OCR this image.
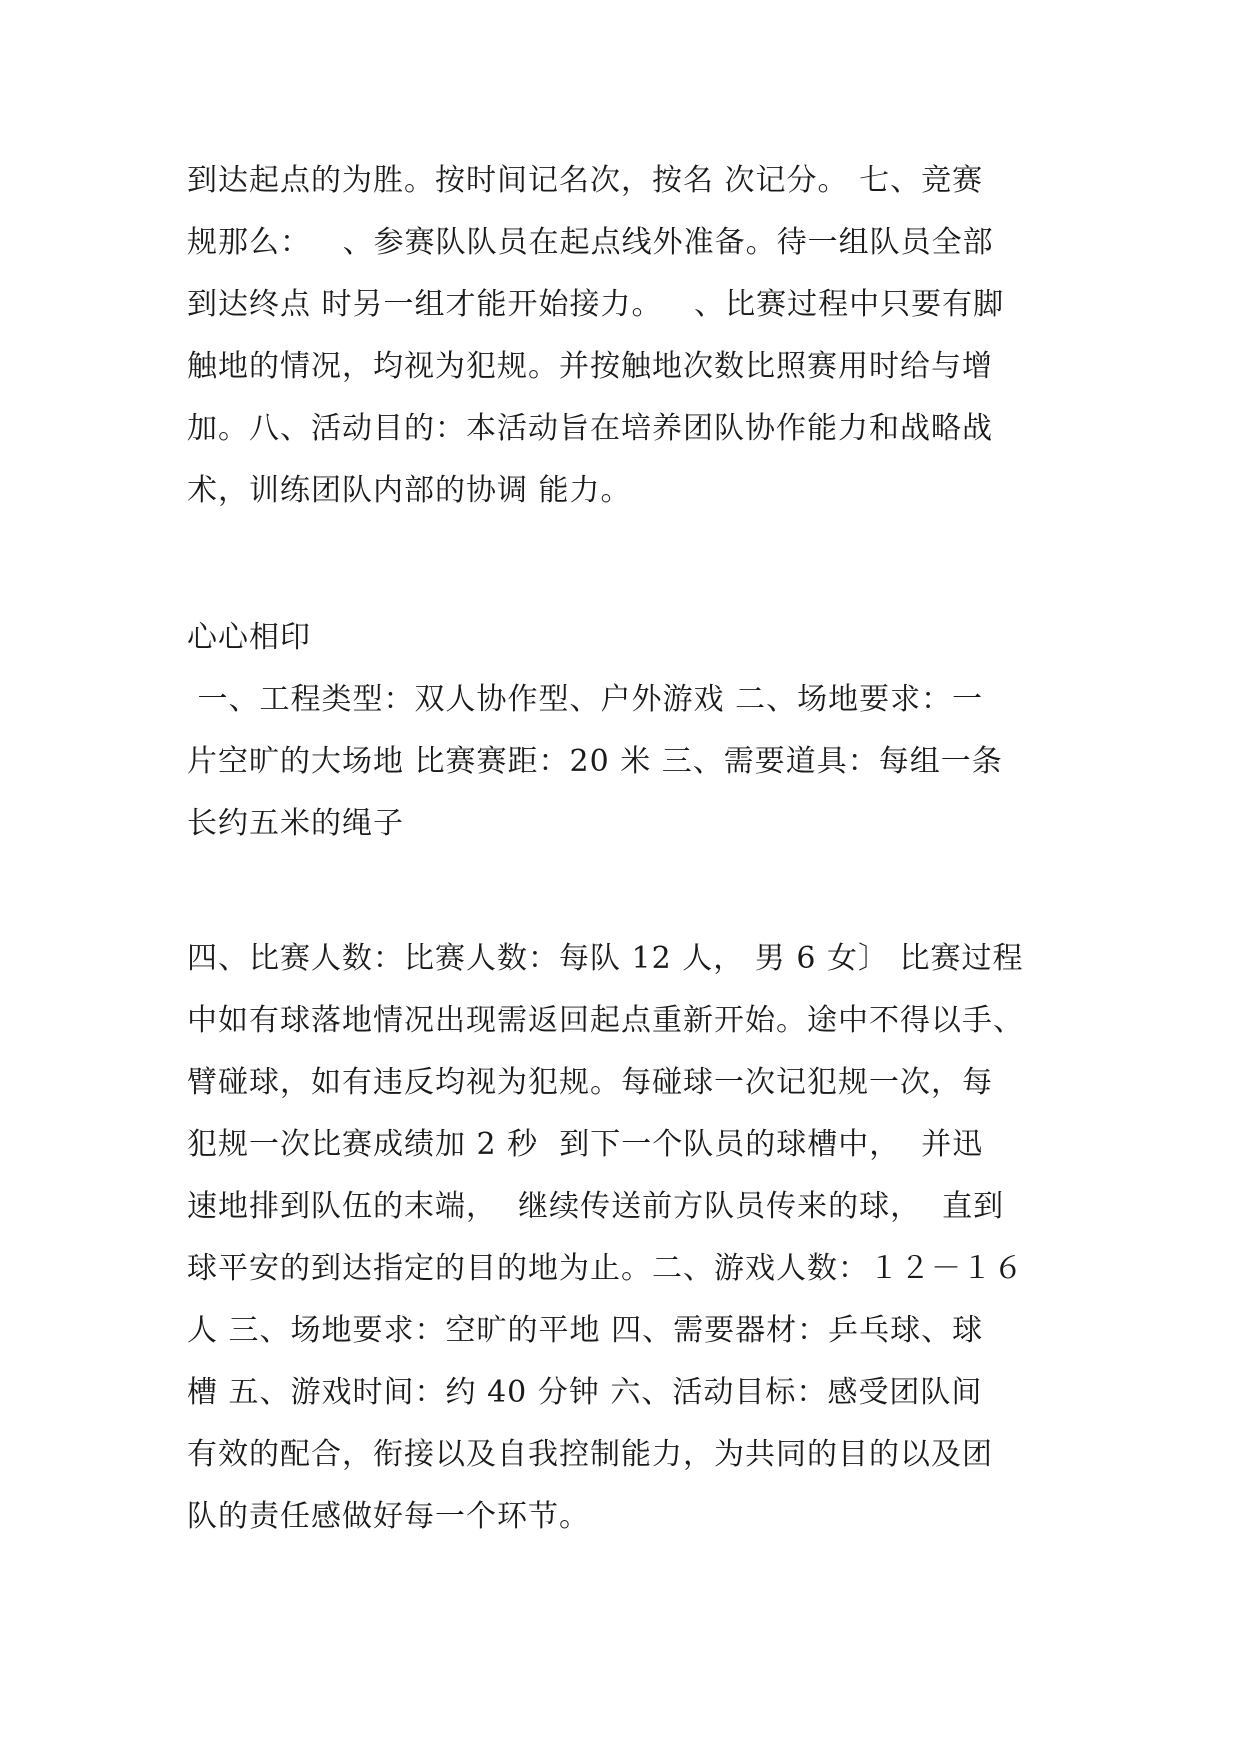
到达起点的为胜。按时间记名次，按名 次记分。 七、竞赛
规那么：   、参赛队队员在起点线外准备。待一组队员全部
到达终点 时另一组才能开始接力。   、比赛过程中只要有脚
触地的情况，均视为犯规。并按触地次数比照赛用时给与增
加。八、活动目的：本活动旨在培养团队协作能力和战略战
术，训练团队内部的协调 能力。
心心相印
一、工程类型：双人协作型、户外游戏 二、场地要求：一
片空旷的大场地 比赛赛距：20 米 三、需要道具：每组一条
长约五米的绳子
四、比赛人数：比赛人数：每队 12 人， 男 6 女〕 比赛过程
中如有球落地情况出现需返回起点重新开始。途中不得以手、
臂碰球，如有违反均视为犯规。每碰球一次记犯规一次，每
犯规一次比赛成绩加 2 秒  到下一个队员的球槽中，  并迅
速地排到队伍的末端，  继续传送前方队员传来的球，  直到
球平安的到达指定的目的地为止。二、游戏人数：１２－１６
人 三、场地要求：空旷的平地 四、需要器材：乒乓球、球
槽 五、游戏时间：约 40 分钟 六、活动目标：感受团队间
有效的配合，衔接以及自我控制能力，为共同的目的以及团
队的责任感做好每一个环节。
